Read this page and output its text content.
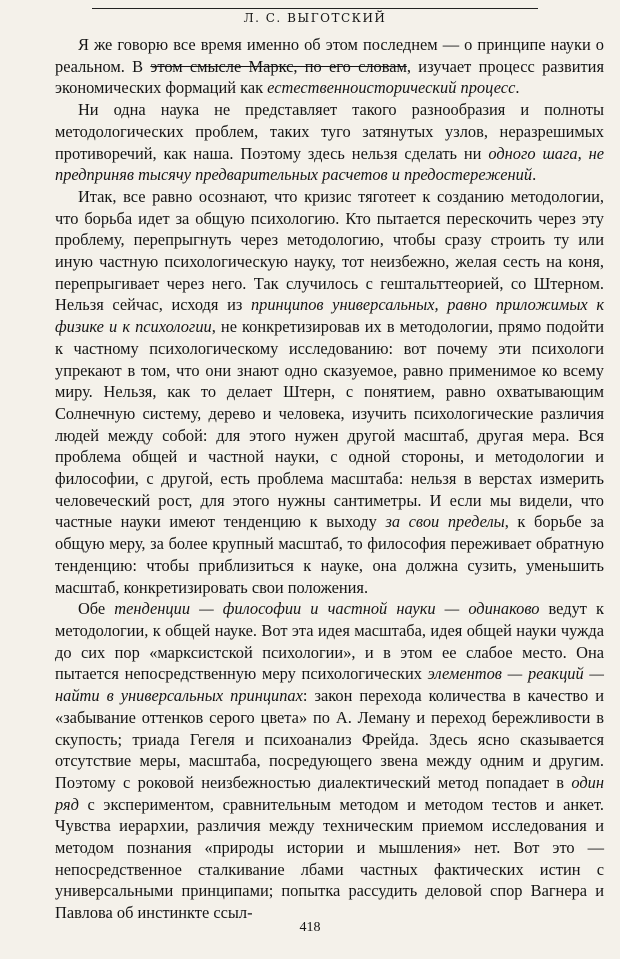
Л. С. ВЫГОТСКИЙ

Я же говорю все время именно об этом последнем — о принципе науки о реальном. В этом смысле Маркс, по его словам, изучает процесс развития экономических формаций как естественноисторический процесс.

Ни одна наука не представляет такого разнообразия и полноты методологических проблем, таких туго затянутых узлов, неразрешимых противоречий, как наша. Поэтому здесь нельзя сделать ни одного шага, не предприняв тысячу предварительных расчетов и предостережений.

Итак, все равно осознают, что кризис тяготеет к созданию методологии, что борьба идет за общую психологию. Кто пытается перескочить через эту проблему, перепрыгнуть через методологию, чтобы сразу строить ту или иную частную психологическую науку, тот неизбежно, желая сесть на коня, перепрыгивает через него. Так случилось с гештальттеорией, со Штерном. Нельзя сейчас, исходя из принципов универсальных, равно приложимых к физике и к психологии, не конкретизировав их в методологии, прямо подойти к частному психологическому исследованию: вот почему эти психологи упрекают в том, что они знают одно сказуемое, равно применимое ко всему миру. Нельзя, как то делает Штерн, с понятием, равно охватывающим Солнечную систему, дерево и человека, изучить психологические различия людей между собой: для этого нужен другой масштаб, другая мера. Вся проблема общей и частной науки, с одной стороны, и методологии и философии, с другой, есть проблема масштаба: нельзя в верстах измерить человеческий рост, для этого нужны сантиметры. И если мы видели, что частные науки имеют тенденцию к выходу за свои пределы, к борьбе за общую меру, за более крупный масштаб, то философия переживает обратную тенденцию: чтобы приблизиться к науке, она должна сузить, уменьшить масштаб, конкретизировать свои положения.

Обе тенденции — философии и частной науки — одинаково ведут к методологии, к общей науке. Вот эта идея масштаба, идея общей науки чужда до сих пор «марксистской психологии», и в этом ее слабое место. Она пытается непосредственную меру психологических элементов — реакций — найти в универсальных принципах: закон перехода количества в качество и «забывание оттенков серого цвета» по А. Леману и переход бережливости в скупость; триада Гегеля и психоанализ Фрейда. Здесь ясно сказывается отсутствие меры, масштаба, посредующего звена между одним и другим. Поэтому с роковой неизбежностью диалектический метод попадает в один ряд с экспериментом, сравнительным методом и методом тестов и анкет. Чувства иерархии, различия между техническим приемом исследования и методом познания «природы истории и мышления» нет. Вот это — непосредственное сталкивание лбами частных фактических истин с универсальными принципами; попытка рассудить деловой спор Вагнера и Павлова об инстинкте ссыл-

418
